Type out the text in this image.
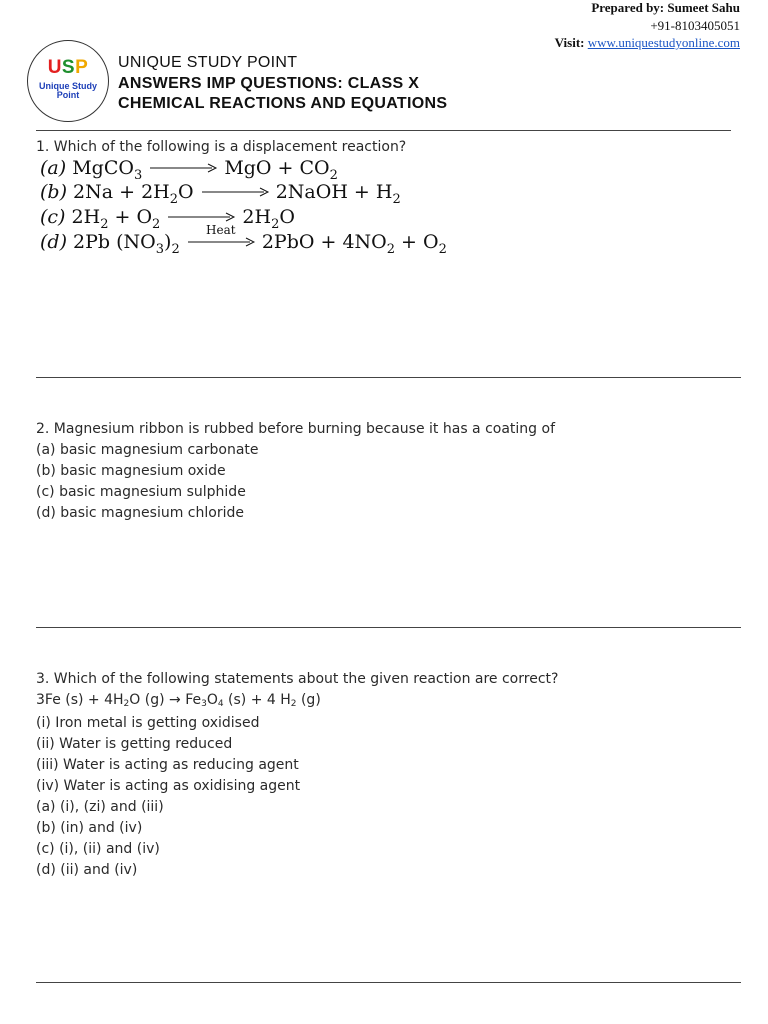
Prepared by: Sumeet Sahu
+91-8103405051
Visit: www.uniquestudyonline.com
USP
Unique Study
Point
UNIQUE STUDY POINT
ANSWERS IMP QUESTIONS: CLASS X
CHEMICAL REACTIONS AND EQUATIONS
1. Which of the following is a displacement reaction?
(a) MgCO$_3$ → MgO + $CO_2$
(b) $2Na + 2H_2O$ → 2NaOH + $H_2$
(c) $2H_2 + O_2 \to 2H_2O$
(d) 2Pb $(NO_3)_2$
Heat
$2PbO + 4NO_2 + O_2$
2. Magnesium ribbon is rubbed before burning because it has a coating of
(a) basic magnesium carbonate
(b) basic magnesium oxide
(c) basic magnesium sulphide
(d) basic magnesium chloride
3. Which of the following statements about the given reaction are correct?
3Fe (s) + 4H2O (g) → Fe3O4 (s) + 4 H2 (g)
(i) Iron metal is getting oxidised
(ii) Water is getting reduced
(iii) Water is acting as reducing agent
(iv) Water is acting as oxidising agent
(a) (i), (zi) and (iii)
(b) (in) and (iv)
(c) (i), (ii) and (iv)
(d) (ii) and (iv)
